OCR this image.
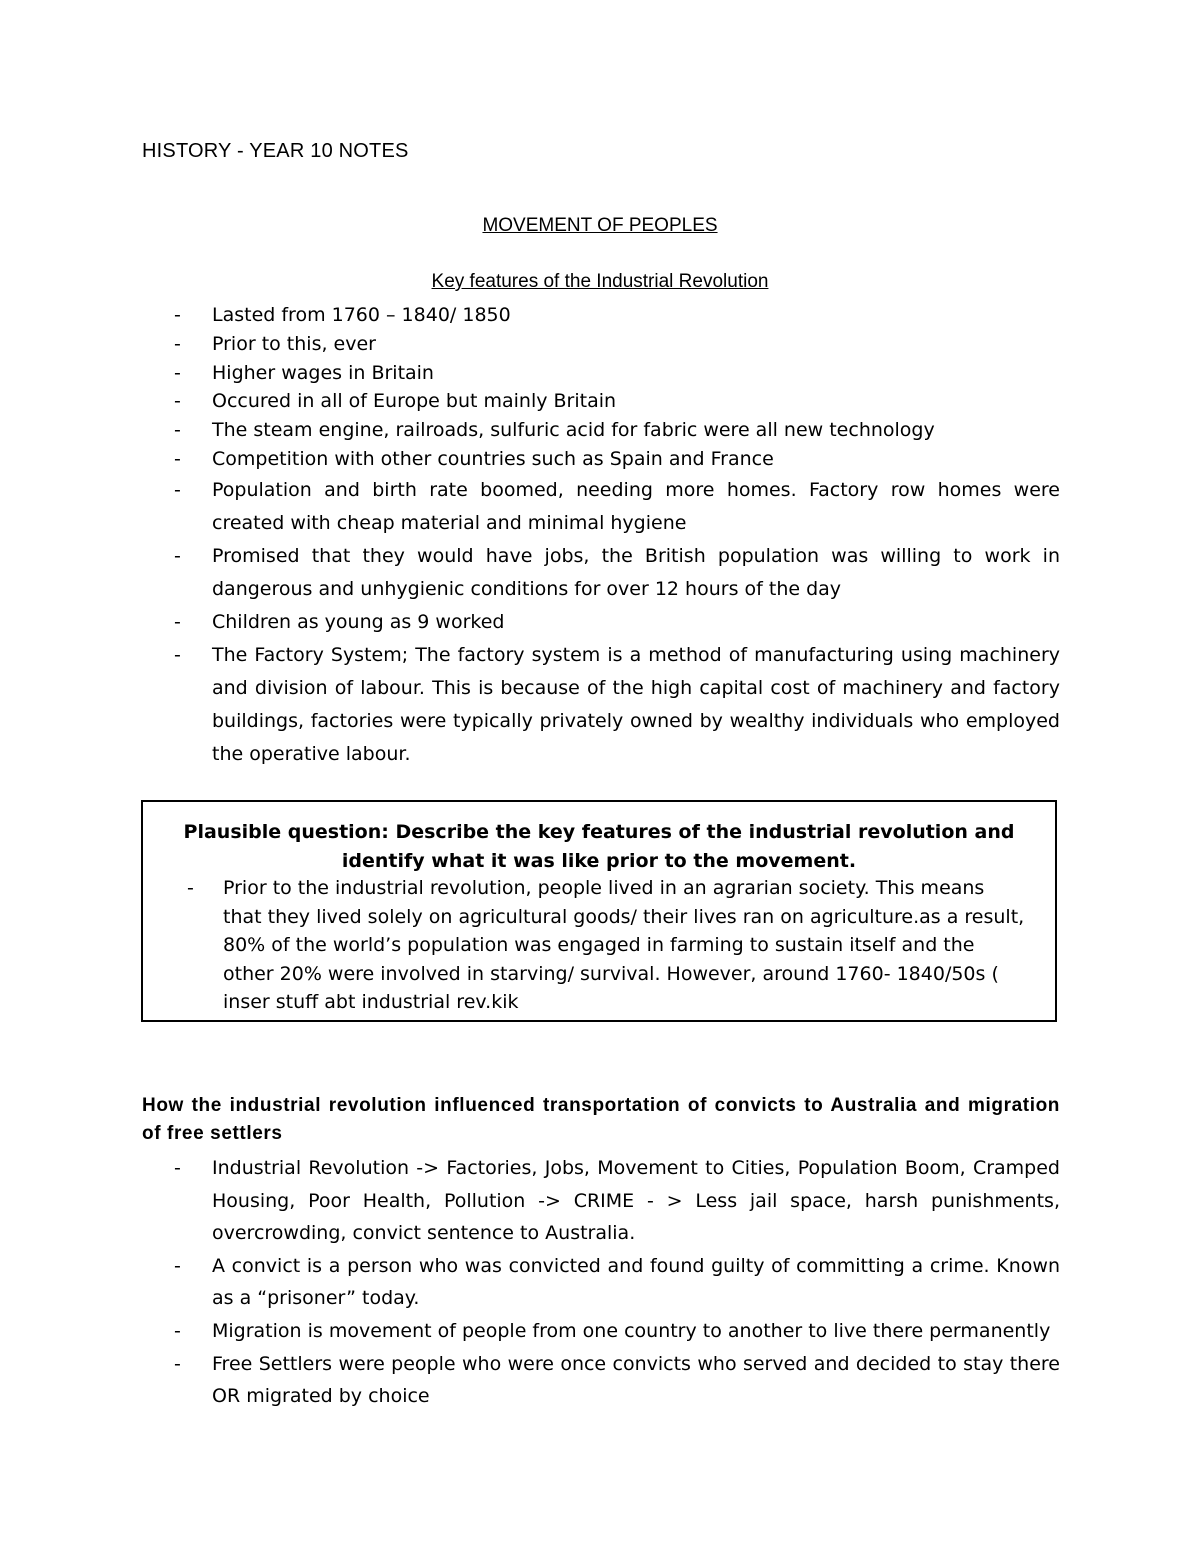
HISTORY - YEAR 10 NOTES
MOVEMENT OF PEOPLES
Key features of the Industrial Revolution
- Lasted from 1760 – 1840/ 1850
- Prior to this, ever
- Higher wages in Britain
- Occured in all of Europe but mainly Britain
- The steam engine, railroads, sulfuric acid for fabric were all new technology
- Competition with other countries such as Spain and France
- Population and birth rate boomed, needing more homes. Factory row homes were created with cheap material and minimal hygiene
- Promised that they would have jobs, the British population was willing to work in dangerous and unhygienic conditions for over 12 hours of the day
- Children as young as 9 worked
- The Factory System; The factory system is a method of manufacturing using machinery and division of labour. This is because of the high capital cost of machinery and factory buildings, factories were typically privately owned by wealthy individuals who employed the operative labour.
Plausible question: Describe the key features of the industrial revolution and identify what it was like prior to the movement.
- Prior to the industrial revolution, people lived in an agrarian society. This means that they lived solely on agricultural goods/ their lives ran on agriculture.as a result, 80% of the world’s population was engaged in farming to sustain itself and the other 20% were involved in starving/ survival. However, around 1760- 1840/50s ( inser stuff abt industrial rev.kik
How the industrial revolution influenced transportation of convicts to Australia and migration of free settlers
- Industrial Revolution -> Factories, Jobs, Movement to Cities, Population Boom, Cramped Housing, Poor Health, Pollution -> CRIME - > Less jail space, harsh punishments, overcrowding, convict sentence to Australia.
- A convict is a person who was convicted and found guilty of committing a crime. Known as a “prisoner” today.
- Migration is movement of people from one country to another to live there permanently
- Free Settlers were people who were once convicts who served and decided to stay there OR migrated by choice
